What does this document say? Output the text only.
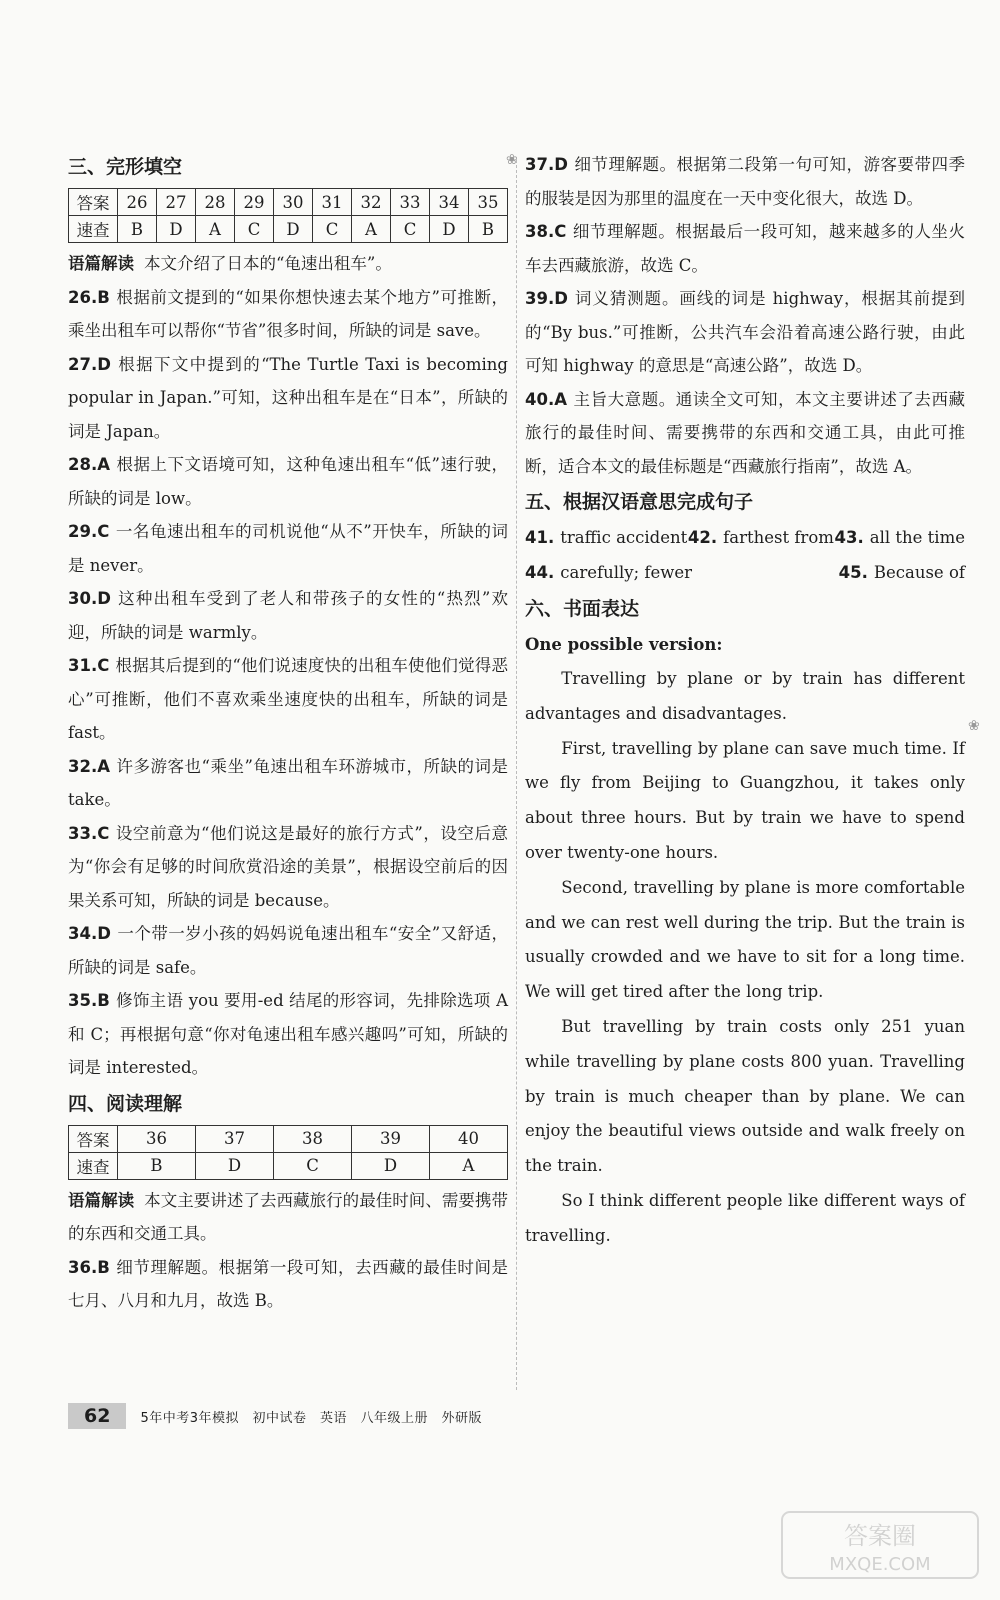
❀
❀
三、完形填空
答案	26	27	28	29	30	31	32	33	34	35
速查	B	D	A	C	D	C	A	C	D	B

语篇解读 本文介绍了日本的“龟速出租车”。

26.B 根据前文提到的“如果你想快速去某个地方”可推断，乘坐出租车可以帮你“节省”很多时间，所缺的词是 save。

27.D 根据下文中提到的“The Turtle Taxi is becoming popular in Japan.”可知，这种出租车是在“日本”，所缺的词是 Japan。

28.A 根据上下文语境可知，这种龟速出租车“低”速行驶，所缺的词是 low。

29.C 一名龟速出租车的司机说他“从不”开快车，所缺的词是 never。

30.D 这种出租车受到了老人和带孩子的女性的“热烈”欢迎，所缺的词是 warmly。

31.C 根据其后提到的“他们说速度快的出租车使他们觉得恶心”可推断，他们不喜欢乘坐速度快的出租车，所缺的词是 fast。

32.A 许多游客也“乘坐”龟速出租车环游城市，所缺的词是 take。

33.C 设空前意为“他们说这是最好的旅行方式”，设空后意为“你会有足够的时间欣赏沿途的美景”，根据设空前后的因果关系可知，所缺的词是 because。

34.D 一个带一岁小孩的妈妈说龟速出租车“安全”又舒适，所缺的词是 safe。

35.B 修饰主语 you 要用-ed 结尾的形容词，先排除选项 A 和 C；再根据句意“你对龟速出租车感兴趣吗”可知，所缺的词是 interested。

四、阅读理解
答案	36	37	38	39	40
速查	B	D	C	D	A

语篇解读 本文主要讲述了去西藏旅行的最佳时间、需要携带的东西和交通工具。

36.B 细节理解题。根据第一段可知，去西藏的最佳时间是七月、八月和九月，故选 B。

37.D 细节理解题。根据第二段第一句可知，游客要带四季的服装是因为那里的温度在一天中变化很大，故选 D。

38.C 细节理解题。根据最后一段可知，越来越多的人坐火车去西藏旅游，故选 C。

39.D 词义猜测题。画线的词是 highway，根据其前提到的“By bus.”可推断，公共汽车会沿着高速公路行驶，由此可知 highway 的意思是“高速公路”，故选 D。

40.A 主旨大意题。通读全文可知，本文主要讲述了去西藏旅行的最佳时间、需要携带的东西和交通工具，由此可推断，适合本文的最佳标题是“西藏旅行指南”，故选 A。

五、根据汉语意思完成句子
41. traffic accident 42. farthest from 43. all the time
44. carefully; fewer	45. Because of
六、书面表达

One possible version:

Travelling by plane or by train has different advantages and disadvantages.

First, travelling by plane can save much time. If we fly from Beijing to Guangzhou, it takes only about three hours. But by train we have to spend over twenty-one hours.

Second, travelling by plane is more comfortable and we can rest well during the trip. But the train is usually crowded and we have to sit for a long time. We will get tired after the long trip.

But travelling by train costs only 251 yuan while travelling by plane costs 800 yuan. Travelling by train is much cheaper than by plane. We can enjoy the beautiful views outside and walk freely on the train.

So I think different people like different ways of travelling.

62	5年中考3年模拟　初中试卷　英语　八年级上册　外研版
答案圈
MXQE.COM
